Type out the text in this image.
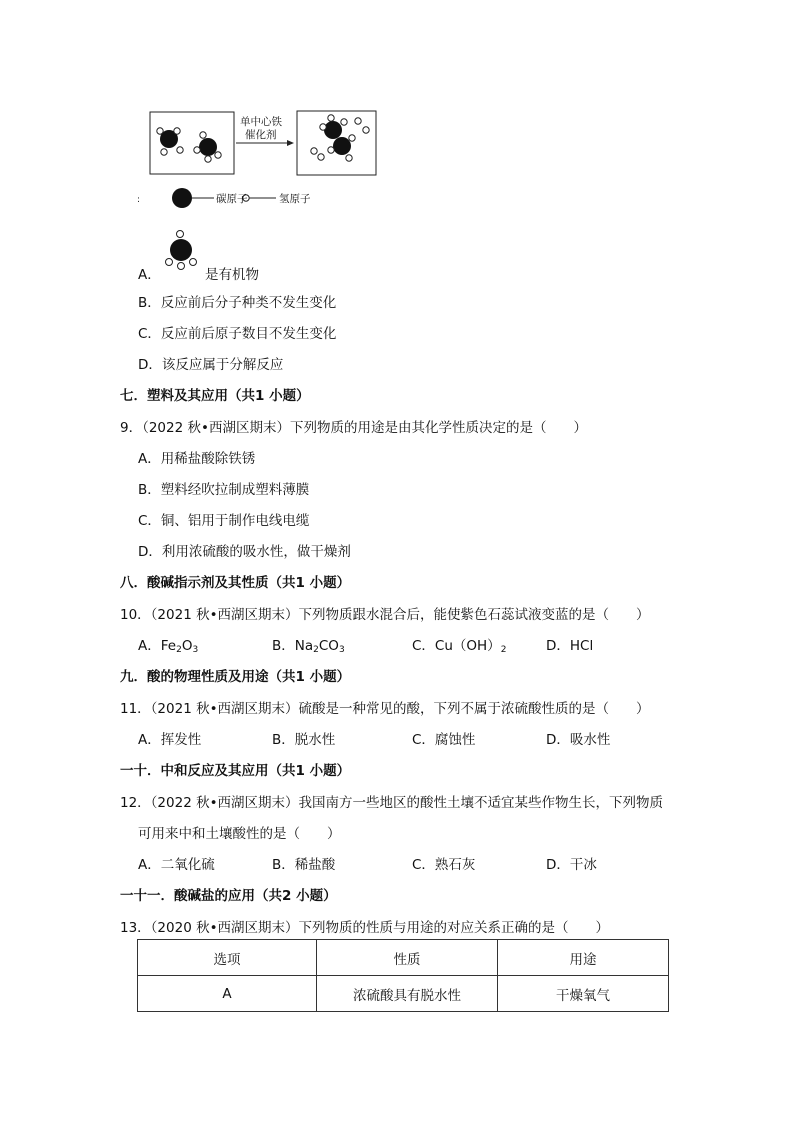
:
单中心铁
催化剂
碳原子	氢原子
A．	是有机物
B．反应前后分子种类不发生变化
C．反应前后原子数目不发生变化
D．该反应属于分解反应
七．塑料及其应用（共1 小题）
9．（2022 秋•西湖区期末）下列物质的用途是由其化学性质决定的是（　　）
A．用稀盐酸除铁锈
B．塑料经吹拉制成塑料薄膜
C．铜、铝用于制作电线电缆
D．利用浓硫酸的吸水性，做干燥剂
八．酸碱指示剂及其性质（共1 小题）
10．（2021 秋•西湖区期末）下列物质跟水混合后，能使紫色石蕊试液变蓝的是（　　）
A．$Fe_2O_3$	B．$Na_2CO_3$	C．$Cu(OH)_2$	D．HCl
九．酸的物理性质及用途（共1 小题）
11．（2021 秋•西湖区期末）硫酸是一种常见的酸，下列不属于浓硫酸性质的是（　　）
A．挥发性	B．脱水性	C．腐蚀性	D．吸水性
一十．中和反应及其应用（共1 小题）
12．（2022 秋•西湖区期末）我国南方一些地区的酸性土壤不适宜某些作物生长，下列物质
可用来中和土壤酸性的是（　　）
A．二氧化硫	B．稀盐酸	C．熟石灰	D．干冰
一十一．酸碱盐的应用（共2 小题）
13．（2020 秋•西湖区期末）下列物质的性质与用途的对应关系正确的是（　　）
选项	性质	用途
A	浓硫酸具有脱水性	干燥氧气
